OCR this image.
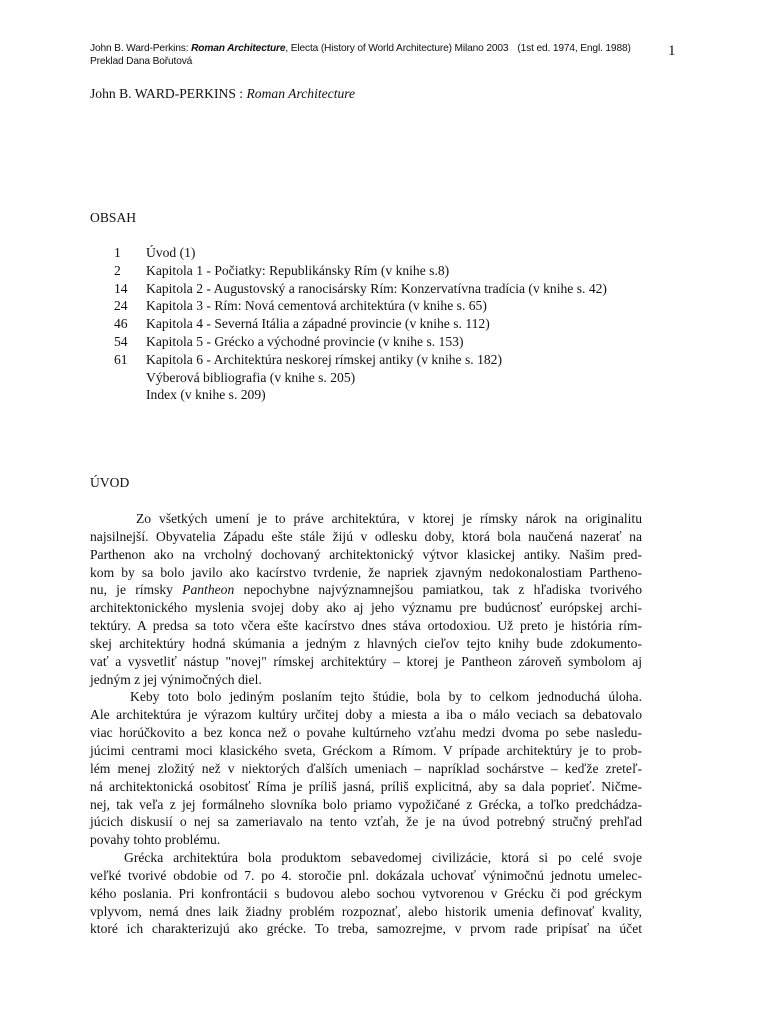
John B. Ward-Perkins: Roman Architecture, Electa (History of World Architecture) Milano 2003 (1st ed. 1974, Engl. 1988)
Preklad Dana Bořutová
1
John B. WARD-PERKINS : Roman Architecture
OBSAH
1	Úvod (1)
2	Kapitola 1 - Počiatky: Republikánsky Rím (v knihe s.8)
14	Kapitola 2 - Augustovský a ranocisársky Rím: Konzervatívna tradícia (v knihe s. 42)
24	Kapitola 3 - Rím: Nová cementová architektúra (v knihe s. 65)
46	Kapitola 4 - Severná Itália a západné provincie (v knihe s. 112)
54	Kapitola 5 - Grécko a východné provincie (v knihe s. 153)
61	Kapitola 6 - Architektúra neskorej rímskej antiky (v knihe s. 182)
Výberová bibliografia (v knihe s. 205)
Index (v knihe s. 209)
ÚVOD
Zo všetkých umení je to práve architektúra, v ktorej je rímsky nárok na originalitu
najsilnejší. Obyvatelia Západu ešte stále žijú v odlesku doby, ktorá bola naučená nazerať na
Parthenon ako na vrcholný dochovaný architektonický výtvor klasickej antiky. Našim pred-
kom by sa bolo javilo ako kacírstvo tvrdenie, že napriek zjavným nedokonalostiam Partheno-
nu, je rímsky Pantheon nepochybne najvýznamnejšou pamiatkou, tak z hľadiska tvorivého
architektonického myslenia svojej doby ako aj jeho významu pre budúcnosť európskej archi-
tektúry. A predsa sa toto včera ešte kacírstvo dnes stáva ortodoxiou. Už preto je história rím-
skej architektúry hodná skúmania a jedným z hlavných cieľov tejto knihy bude zdokumento-
vať a vysvetliť nástup "novej" rímskej architektúry – ktorej je Pantheon zároveň symbolom aj
jedným z jej výnimočných diel.
Keby toto bolo jediným poslaním tejto štúdie, bola by to celkom jednoduchá úloha.
Ale architektúra je výrazom kultúry určitej doby a miesta a iba o málo veciach sa debatovalo
viac horúčkovito a bez konca než o povahe kultúrneho vzťahu medzi dvoma po sebe nasledu-
júcimi centrami moci klasického sveta, Gréckom a Rímom. V prípade architektúry je to prob-
lém menej zložitý než v niektorých ďalších umeniach – napríklad sochárstve – keďže zreteľ-
ná architektonická osobitosť Ríma je príliš jasná, príliš explicitná, aby sa dala poprieť. Ničme-
nej, tak veľa z jej formálneho slovníka bolo priamo vypožičané z Grécka, a toľko predchádza-
júcich diskusií o nej sa zameriavalo na tento vzťah, že je na úvod potrebný stručný prehľad
povahy tohto problému.
Grécka architektúra bola produktom sebavedomej civilizácie, ktorá si po celé svoje
veľké tvorivé obdobie od 7. po 4. storočie pnl. dokázala uchovať výnimočnú jednotu umelec-
kého poslania. Pri konfrontácii s budovou alebo sochou vytvorenou v Grécku či pod gréckym
vplyvom, nemá dnes laik žiadny problém rozpoznať, alebo historik umenia definovať kvality,
ktoré ich charakterizujú ako grécke. To treba, samozrejme, v prvom rade pripísať na účet
